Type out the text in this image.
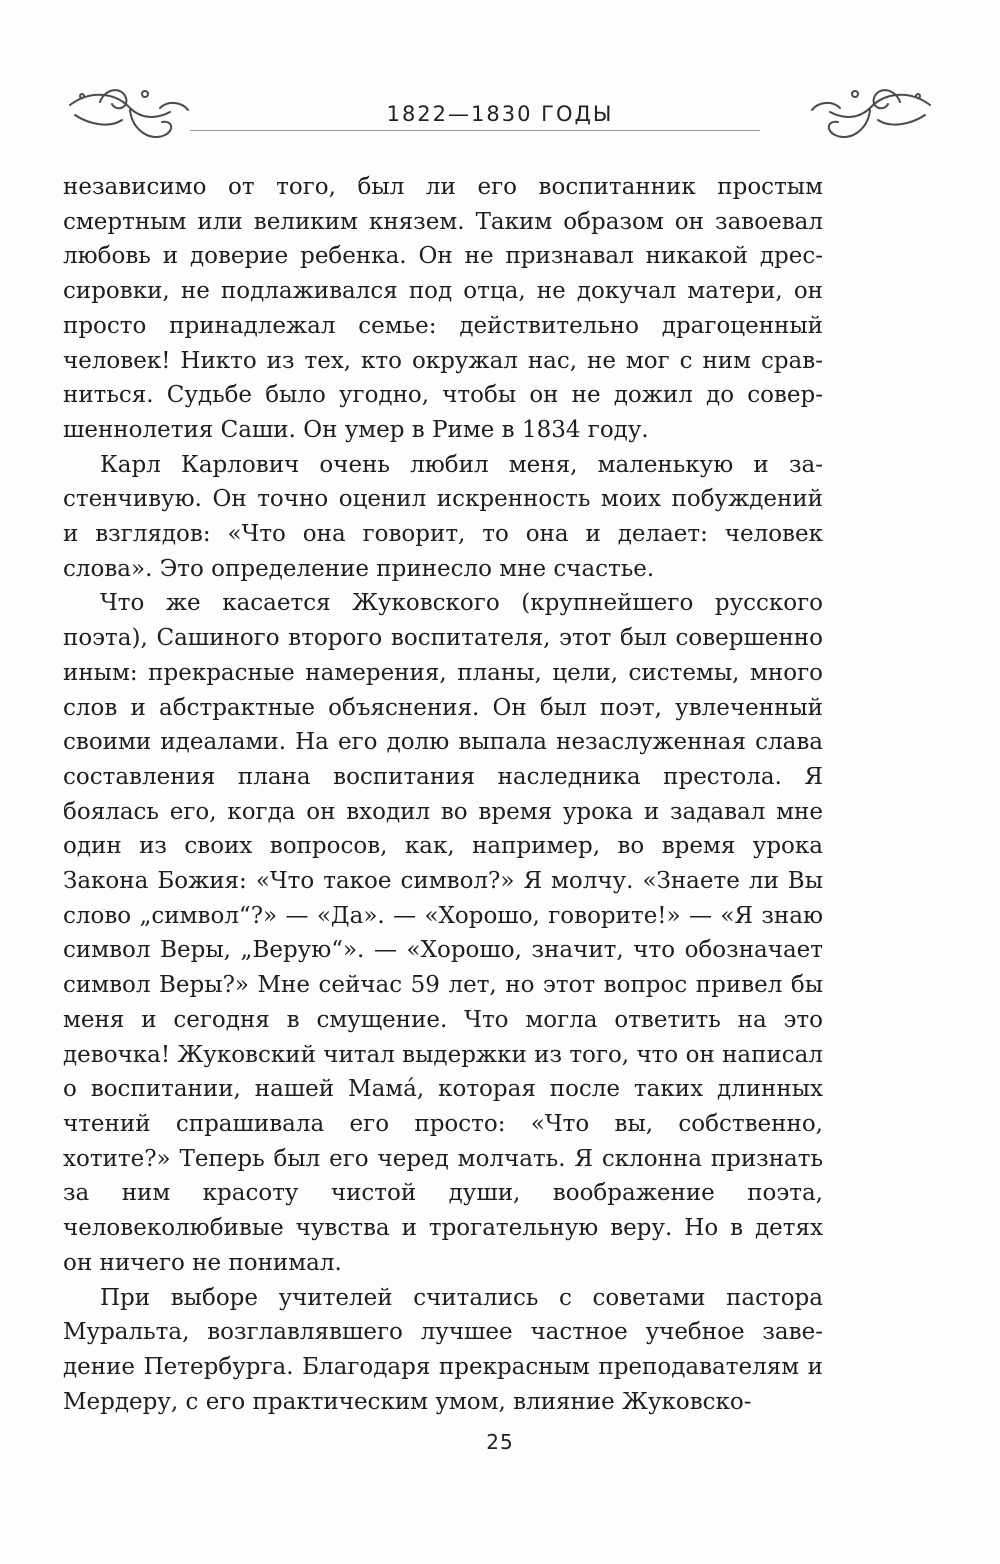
1822—1830 ГОДЫ

независимо от того, был ли его воспитанник простым смертным или великим князем. Таким образом он завоевал любовь и доверие ребенка. Он не признавал никакой дрессировки, не подлаживался под отца, не докучал матери, он просто принадлежал семье: действительно драгоценный человек! Никто из тех, кто окружал нас, не мог с ним сравниться. Судьбе было угодно, чтобы он не дожил до совершеннолетия Саши. Он умер в Риме в 1834 году.

Карл Карлович очень любил меня, маленькую и застенчивую. Он точно оценил искренность моих побуждений и взглядов: «Что она говорит, то она и делает: человек слова». Это определение принесло мне счастье.

Что же касается Жуковского (крупнейшего русского поэта), Сашиного второго воспитателя, этот был совершенно иным: прекрасные намерения, планы, цели, системы, много слов и абстрактные объяснения. Он был поэт, увлеченный своими идеалами. На его долю выпала незаслуженная слава составления плана воспитания наследника престола. Я боялась его, когда он входил во время урока и задавал мне один из своих вопросов, как, например, во время урока Закона Божия: «Что такое символ?» Я молчу. «Знаете ли Вы слово „символ“?» — «Да». — «Хорошо, говорите!» — «Я знаю символ Веры, „Верую“». — «Хорошо, значит, что обозначает символ Веры?» Мне сейчас 59 лет, но этот вопрос привел бы меня и сегодня в смущение. Что могла ответить на это девочка! Жуковский читал выдержки из того, что он написал о воспитании, нашей Мама́, которая после таких длинных чтений спрашивала его просто: «Что вы, собственно, хотите?» Теперь был его черед молчать. Я склонна признать за ним красоту чистой души, воображение поэта, человеколюбивые чувства и трогательную веру. Но в детях он ничего не понимал.

При выборе учителей считались с советами пастора Муральта, возглавлявшего лучшее частное учебное заведение Петербурга. Благодаря прекрасным преподавателям и Мердеру, с его практическим умом, влияние Жуковско-

25
